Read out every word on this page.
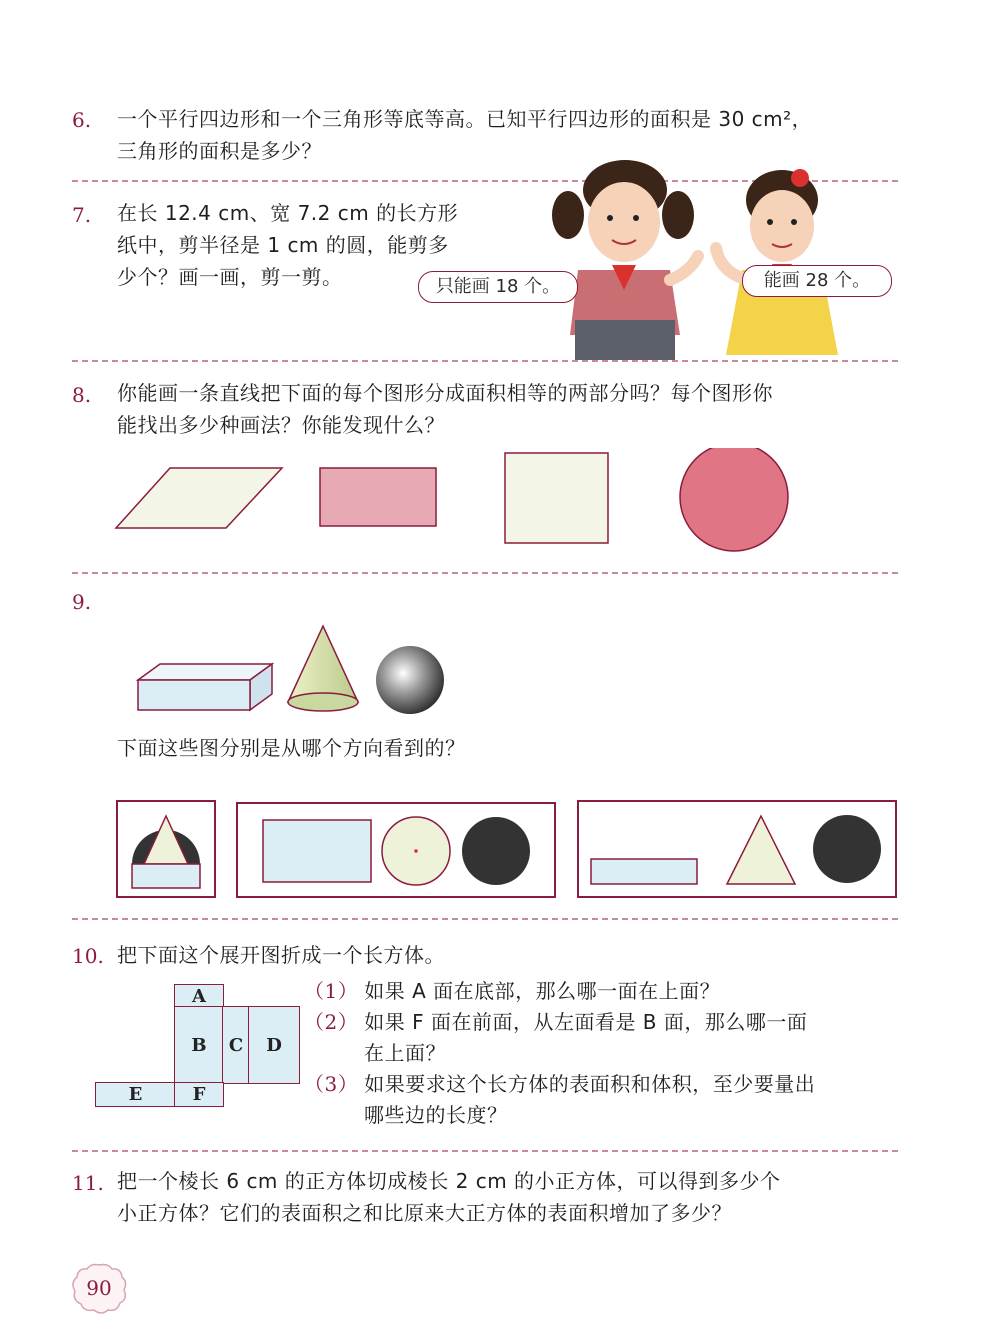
6. 一个平行四边形和一个三角形等底等高。已知平行四边形的面积是 30 cm²，
三角形的面积是多少？
7. 在长 12.4 cm、宽 7.2 cm 的长方形
纸中，剪半径是 1 cm 的圆，能剪多
少个？画一画，剪一剪。	只能画 18 个。	能画 28 个。
8. 你能画一条直线把下面的每个图形分成面积相等的两部分吗？每个图形你
能找出多少种画法？你能发现什么？
9.
下面这些图分别是从哪个方向看到的？
10. 把下面这个展开图折成一个长方体。
A
B	C	D
E	F
（1） 如果 A 面在底部，那么哪一面在上面？
（2） 如果 F 面在前面，从左面看是 B 面，那么哪一面
在上面？
（3） 如果要求这个长方体的表面积和体积，至少要量出
哪些边的长度？
11. 把一个棱长 6 cm 的正方体切成棱长 2 cm 的小正方体，可以得到多少个
小正方体？它们的表面积之和比原来大正方体的表面积增加了多少？
90
